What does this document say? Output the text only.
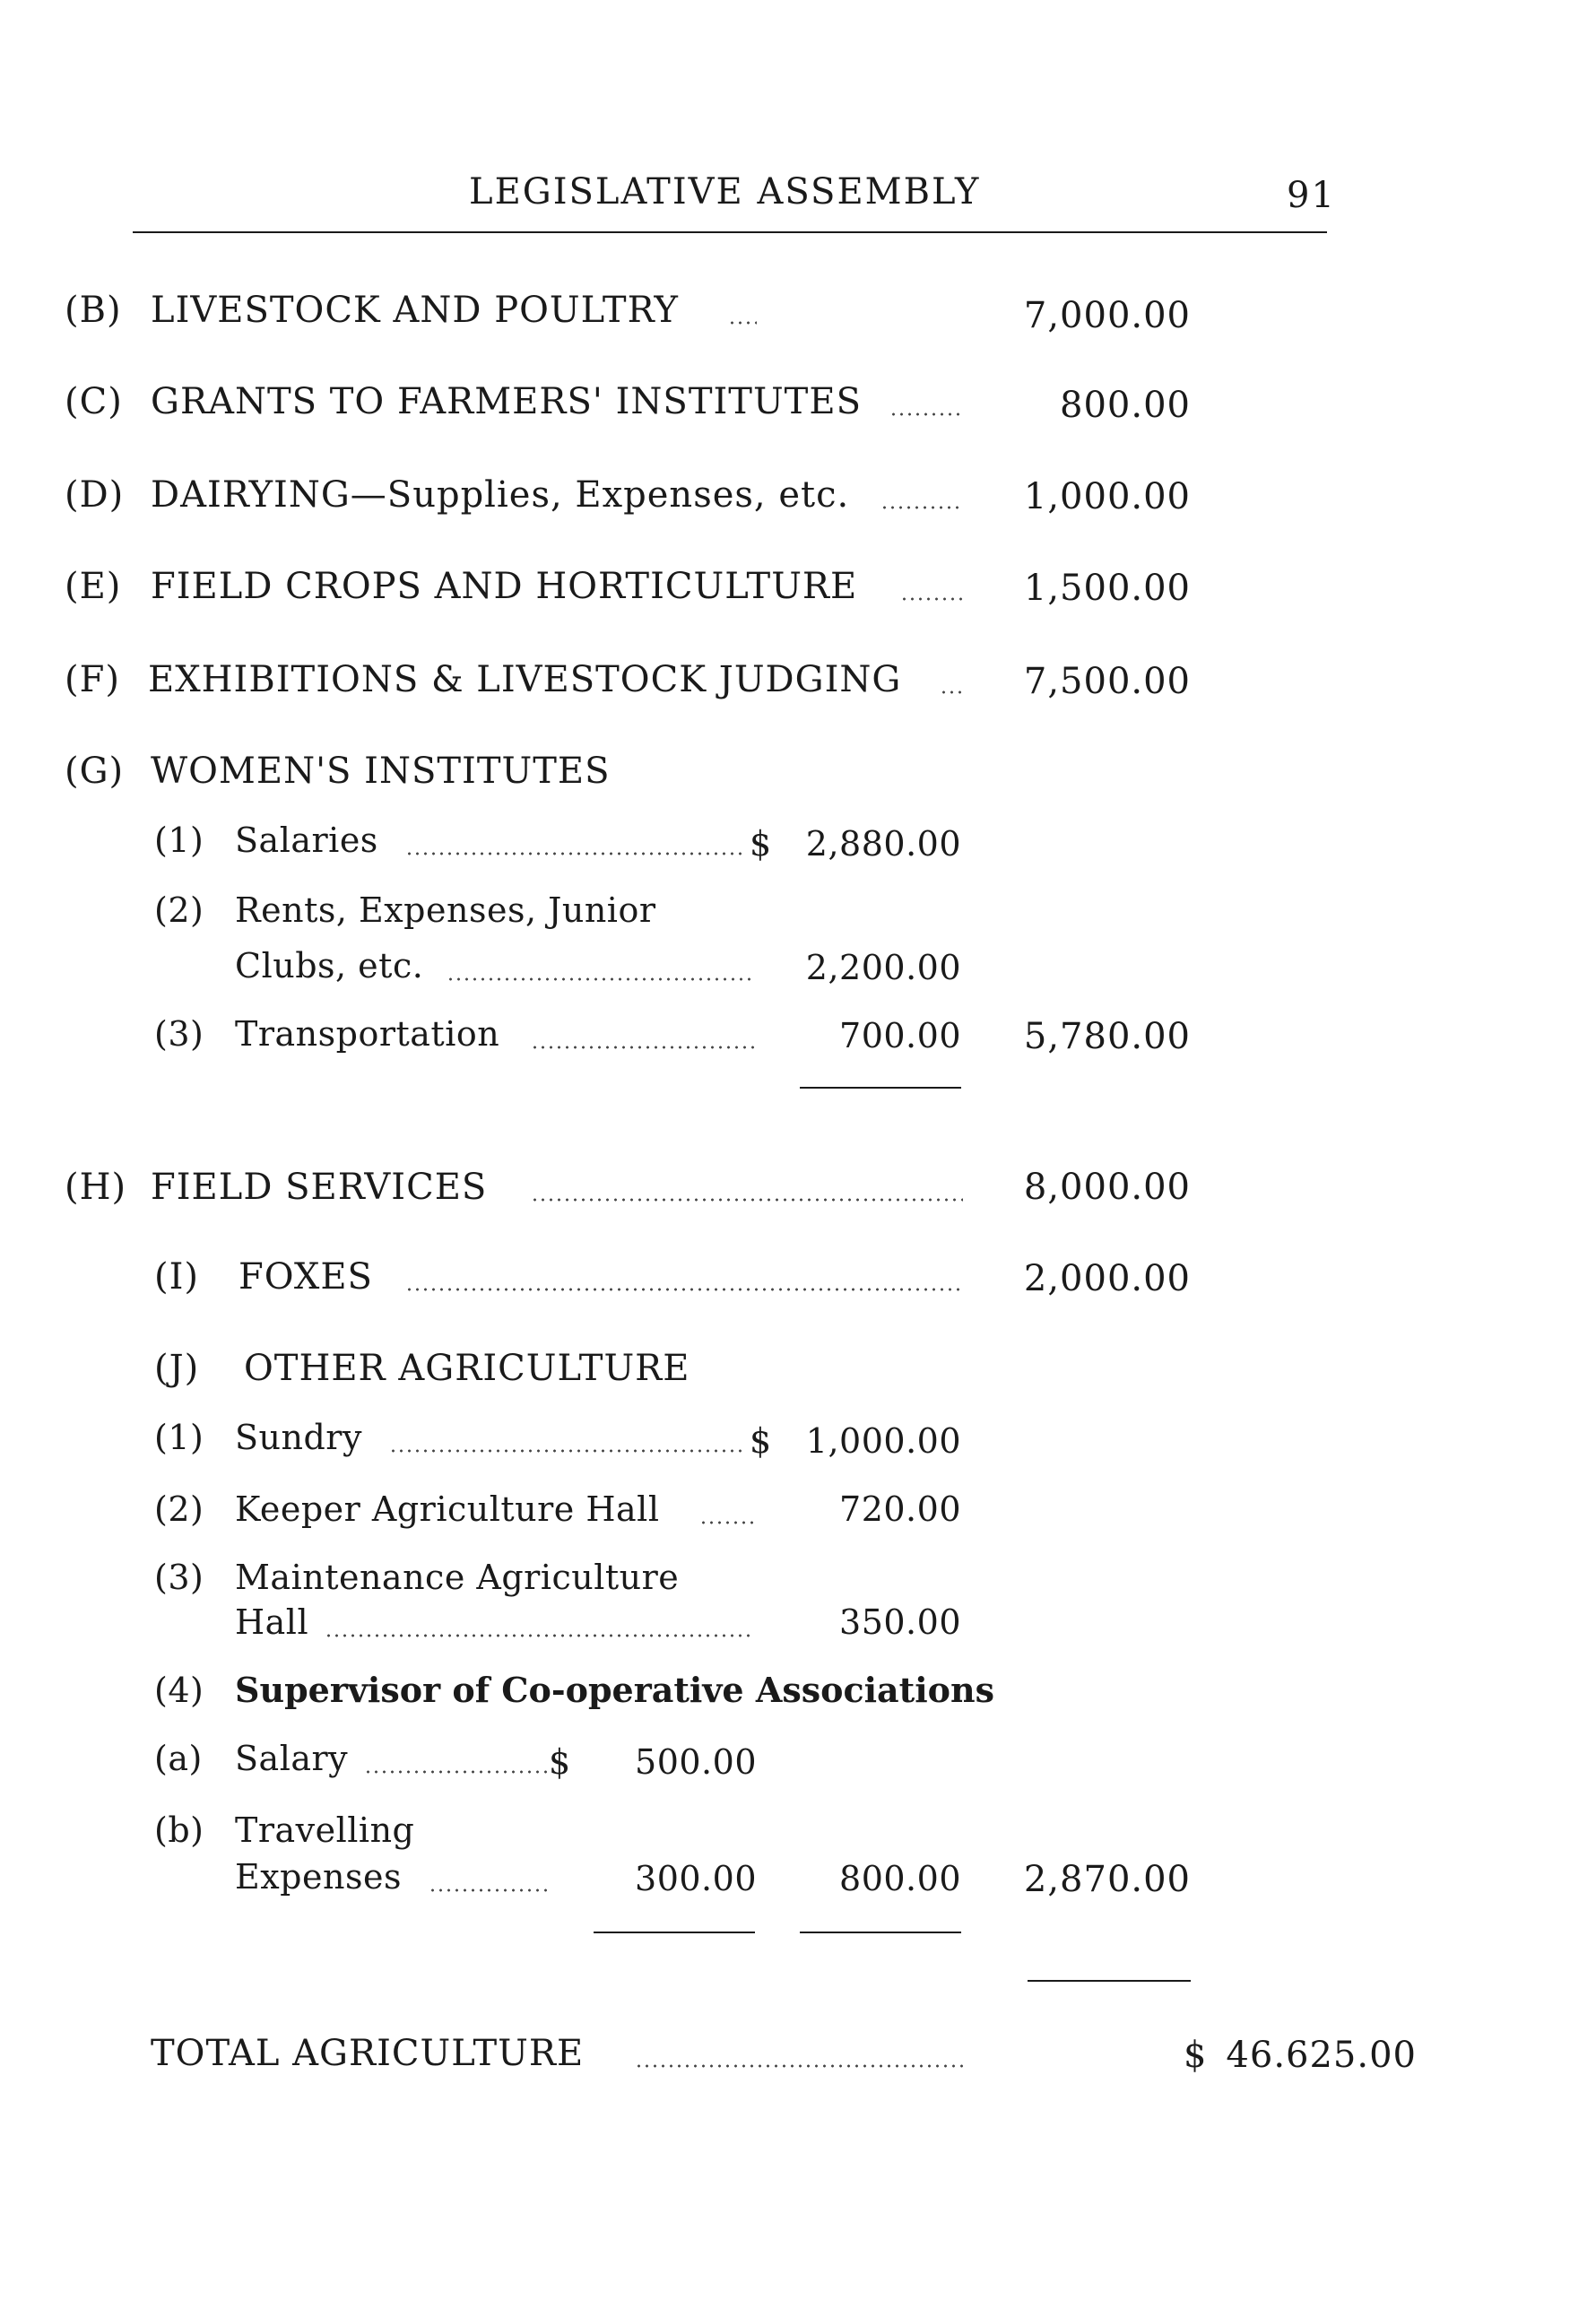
LEGISLATIVE ASSEMBLY	91
(B) LIVESTOCK AND POULTRY	7,000.00
(C) GRANTS TO FARMERS' INSTITUTES	800.00
(D) DAIRYING—Supplies, Expenses, etc.	1,000.00
(E) FIELD CROPS AND HORTICULTURE	1,500.00
(F) EXHIBITIONS & LIVESTOCK JUDGING	7,500.00
(G) WOMEN'S INSTITUTES
(1) Salaries	$ 2,880.00
(2) Rents, Expenses, Junior
Clubs, etc.	2,200.00
(3) Transportation	700.00 5,780.00
(H) FIELD SERVICES	8,000.00
(I) FOXES	2,000.00
(J) OTHER AGRICULTURE
(1) Sundry	$ 1,000.00
(2) Keeper Agriculture Hall	720.00
(3) Maintenance Agriculture
Hall	350.00
(4) Supervisor of Co-operative Associations
(a) Salary	$ 500.00
(b) Travelling
Expenses	300.00 800.00 2,870.00
TOTAL AGRICULTURE	$ 46.625.00
